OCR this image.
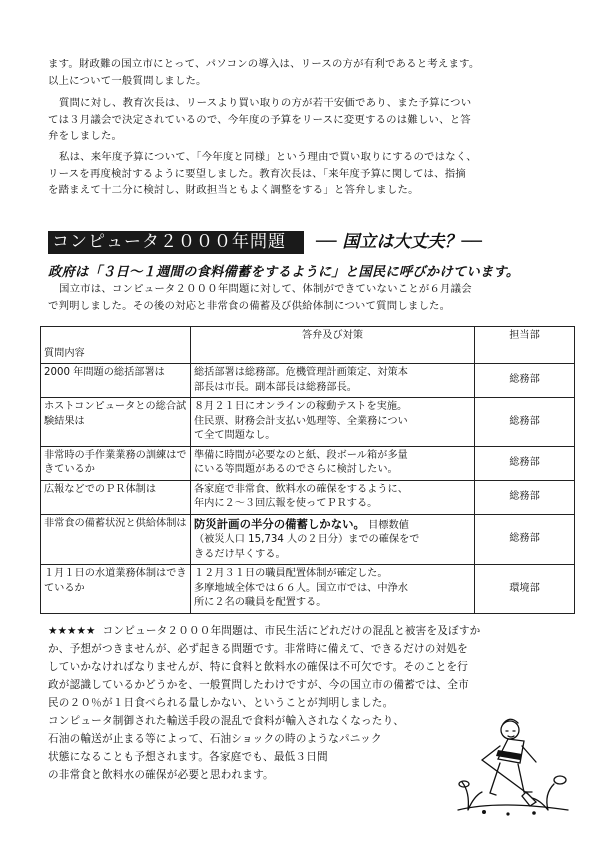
ます。財政難の国立市にとって、パソコンの導入は、リースの方が有利であると考えます。
以上について一般質問しました。
質問に対し、教育次長は、リースより買い取りの方が若干安価であり、また予算につい
ては３月議会で決定されているので、今年度の予算をリースに変更するのは難しい、と答
弁をしました。
私は、来年度予算について、「今年度と同様」という理由で買い取りにするのではなく、
リースを再度検討するように要望しました。教育次長は、「来年度予算に関しては、指摘
を踏まえて十二分に検討し、財政担当ともよく調整をする」と答弁しました。
コンピュータ２０００年問題	── 国立は大丈夫？──
政府は「３日〜１週間の食料備蓄をするように」と国民に呼びかけています。
国立市は、コンピュータ２０００年問題に対して、体制ができていないことが６月議会
で判明しました。その後の対応と非常食の備蓄及び供給体制について質問しました。
質問内容	答弁及び対策	担当部
2000 年問題の総括部署は	総括部署は総務部。危機管理計画策定、対策本
部長は市長。副本部長は総務部長。	総務部
ホストコンピュータとの総合試験結果は	８月２１日にオンラインの稼動テストを実施。
住民票、財務会計支払い処理等、全業務につい
て全て問題なし。	総務部
非常時の手作業業務の訓練はできているか	準備に時間が必要なのと紙、段ボール箱が多量
にいる等問題があるのでさらに検討したい。	総務部
広報などでのＰＲ体制は	各家庭で非常食、飲料水の確保をするように、
年内に２〜３回広報を使ってＰＲする。	総務部
非常食の備蓄状況と供給体制は	防災計画の半分の備蓄しかない。 目標数値
（被災人口 15,734 人の２日分）までの確保をで
きるだけ早くする。	総務部
１月１日の水道業務体制はできているか	１２月３１日の職員配置体制が確定した。
多摩地域全体では６６人。国立市では、中浄水
所に２名の職員を配置する。	環境部
★★★★★ コンピュータ２０００年問題は、市民生活にどれだけの混乱と被害を及ぼすか
か、予想がつきませんが、必ず起きる問題です。非常時に備えて、できるだけの対処を
していかなければなりませんが、特に食料と飲料水の確保は不可欠です。そのことを行
政が認識しているかどうかを、一般質問したわけですが、今の国立市の備蓄では、全市
民の２０％が１日食べられる量しかない、ということが判明しました。
コンピュータ制御された輸送手段の混乱で食料が輸入されなくなったり、
石油の輸送が止まる等によって、石油ショックの時のようなパニック
状態になることも予想されます。各家庭でも、最低３日間
の非常食と飲料水の確保が必要と思われます。
